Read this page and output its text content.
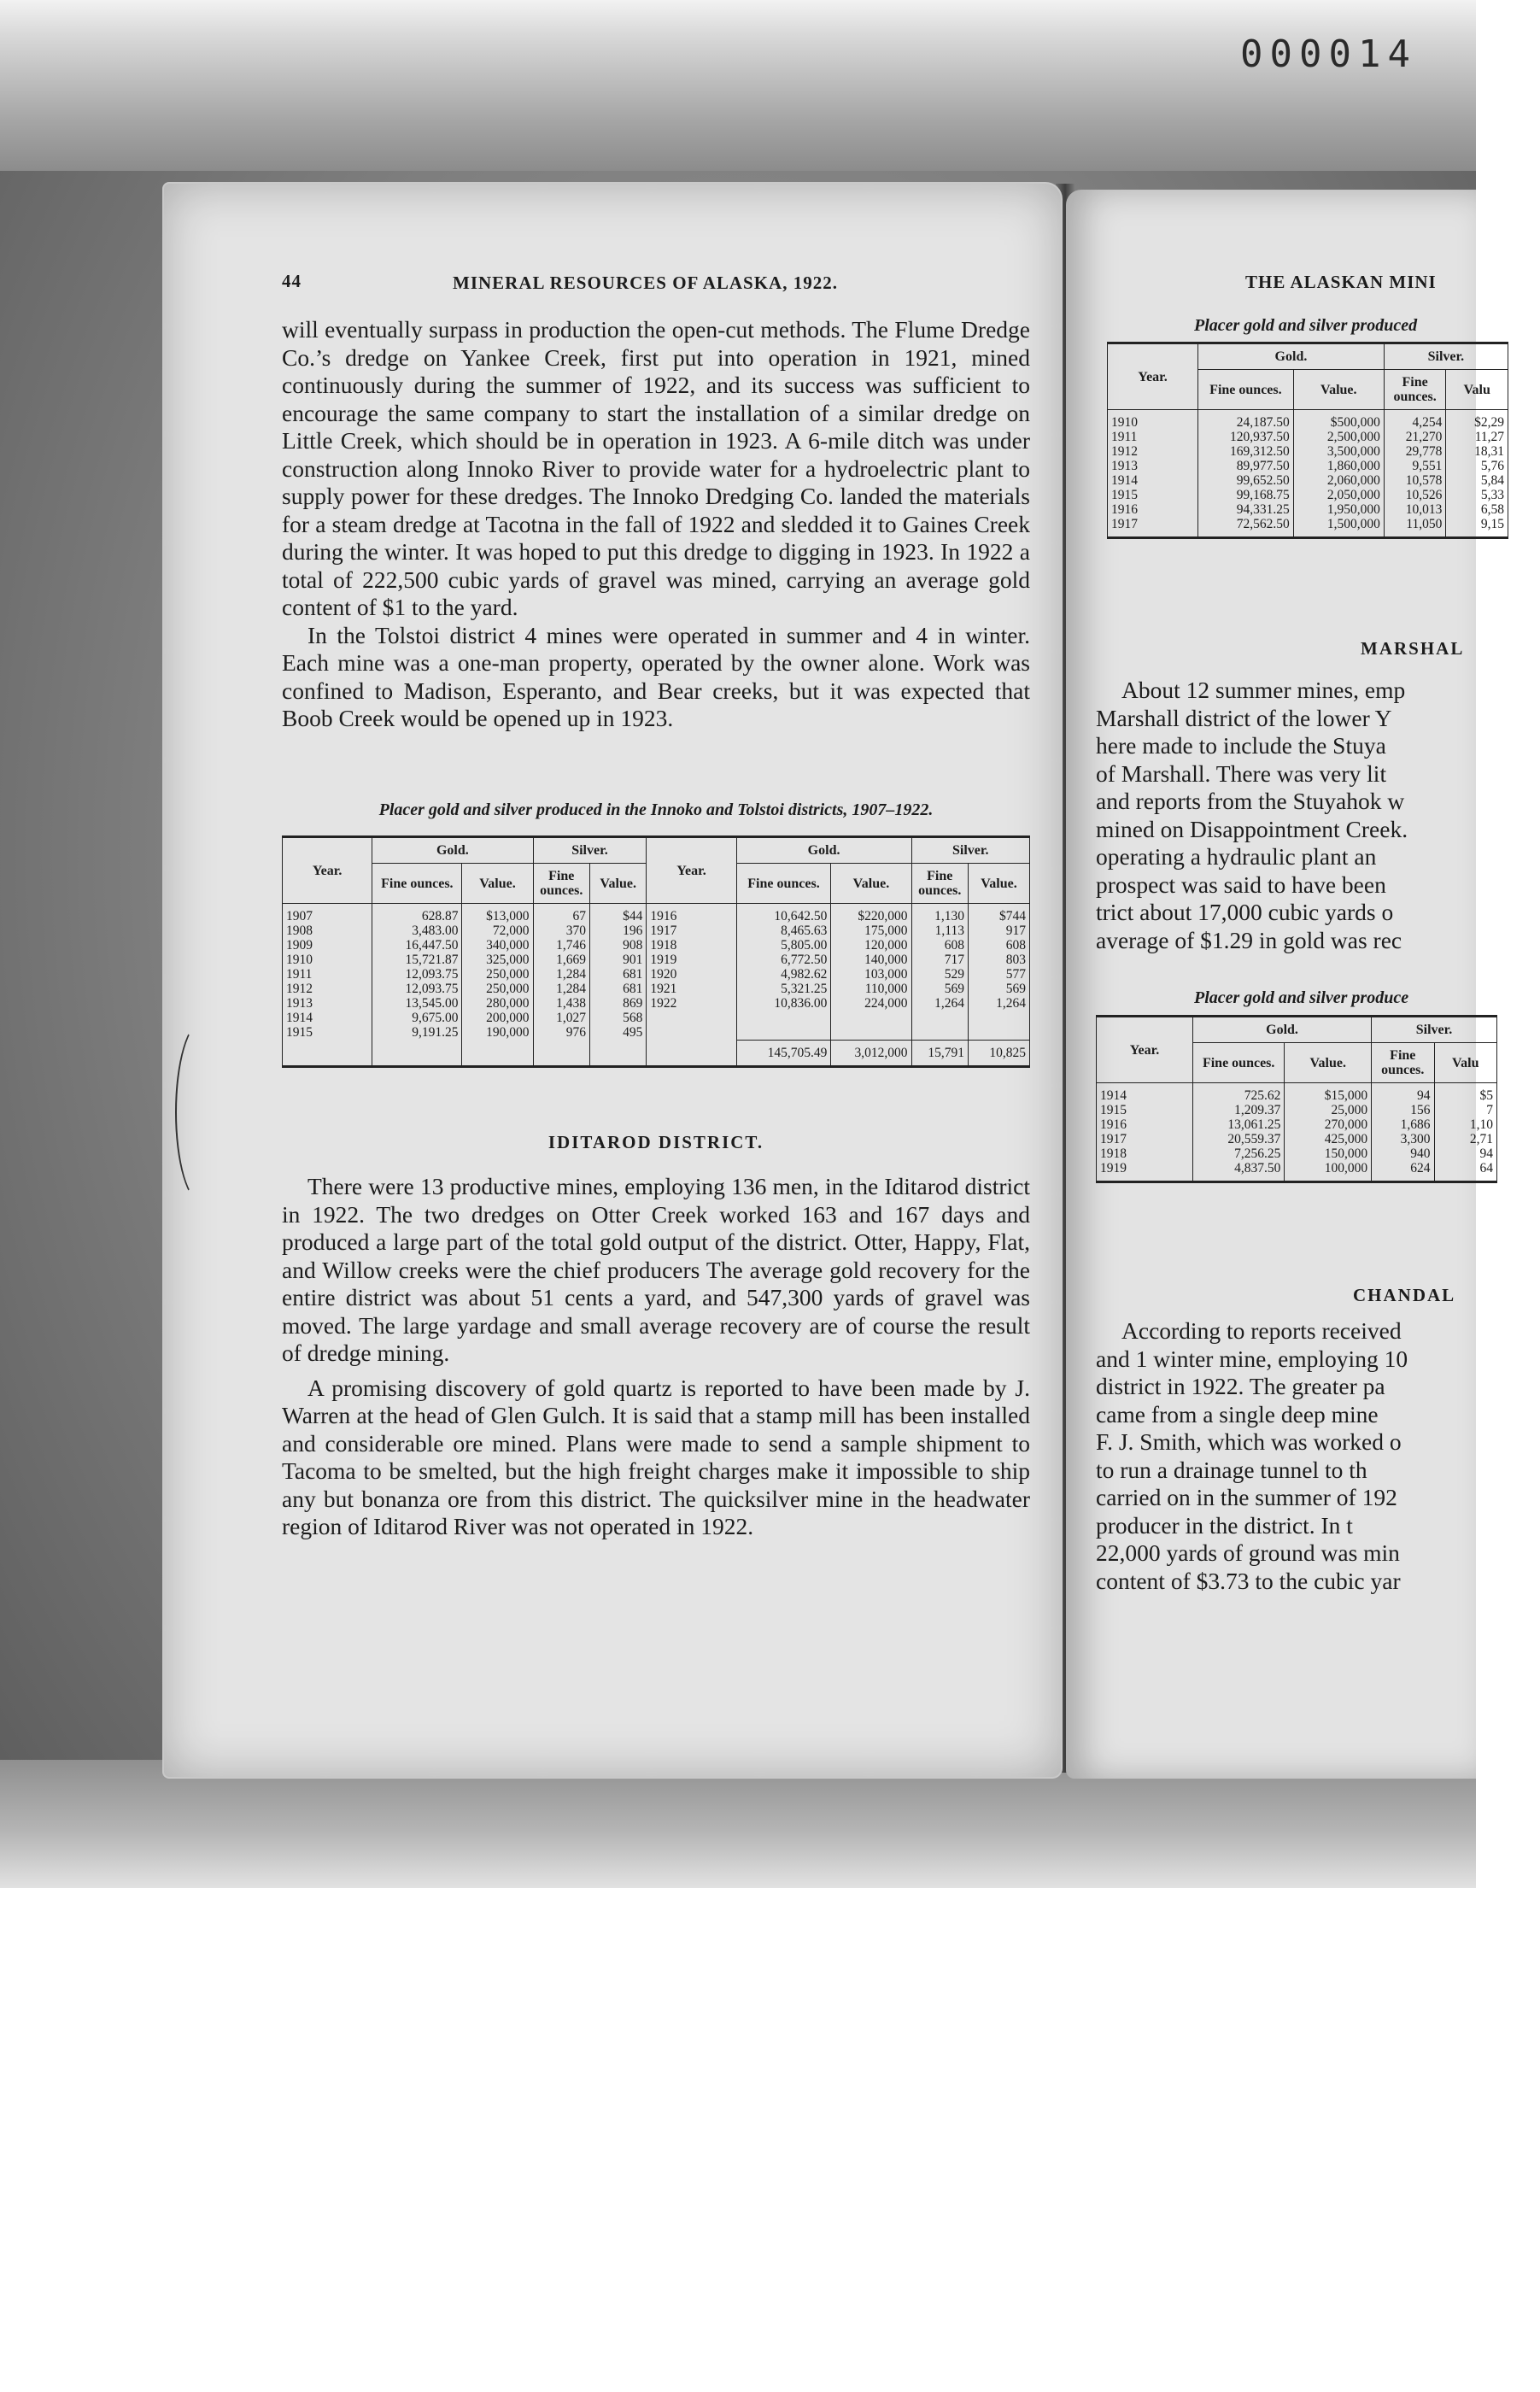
000014
44	MINERAL RESOURCES OF ALASKA, 1922.

will eventually surpass in production the open-cut methods. The Flume Dredge Co.’s dredge on Yankee Creek, first put into operation in 1921, mined continuously during the summer of 1922, and its success was sufficient to encourage the same company to start the installation of a similar dredge on Little Creek, which should be in operation in 1923. A 6-mile ditch was under construction along Innoko River to provide water for a hydroelectric plant to supply power for these dredges. The Innoko Dredging Co. landed the materials for a steam dredge at Tacotna in the fall of 1922 and sledded it to Gaines Creek during the winter. It was hoped to put this dredge to digging in 1923. In 1922 a total of 222,500 cubic yards of gravel was mined, carrying an average gold content of $1 to the yard.

In the Tolstoi district 4 mines were operated in summer and 4 in winter. Each mine was a one-man property, operated by the owner alone. Work was confined to Madison, Esperanto, and Bear creeks, but it was expected that Boob Creek would be opened up in 1923.

Placer gold and silver produced in the Innoko and Tolstoi districts, 1907–1922.
Year.	Gold.		Silver.		Year.	Gold.		Silver.	
	Fine ounces.	Value.	Fine ounces.	Value.		Fine ounces.	Value.	Fine ounces.	Value.
1907	628.87	$13,000	67	$44	1916	10,642.50	$220,000	1,130	$744
1908	3,483.00	72,000	370	196	1917	8,465.63	175,000	1,113	917
1909	16,447.50	340,000	1,746	908	1918	5,805.00	120,000	608	608
1910	15,721.87	325,000	1,669	901	1919	6,772.50	140,000	717	803
1911	12,093.75	250,000	1,284	681	1920	4,982.62	103,000	529	577
1912	12,093.75	250,000	1,284	681	1921	5,321.25	110,000	569	569
1913	13,545.00	280,000	1,438	869	1922	10,836.00	224,000	1,264	1,264
1914	9,675.00	200,000	1,027	568					
1915	9,191.25	190,000	976	495					
						145,705.49	3,012,000	15,791	10,825
IDITAROD DISTRICT.

There were 13 productive mines, employing 136 men, in the Iditarod district in 1922. The two dredges on Otter Creek worked 163 and 167 days and produced a large part of the total gold output of the district. Otter, Happy, Flat, and Willow creeks were the chief producers The average gold recovery for the entire district was about 51 cents a yard, and 547,300 yards of gravel was moved. The large yardage and small average recovery are of course the result of dredge mining.

A promising discovery of gold quartz is reported to have been made by J. Warren at the head of Glen Gulch. It is said that a stamp mill has been installed and considerable ore mined. Plans were made to send a sample shipment to Tacoma to be smelted, but the high freight charges make it impossible to ship any but bonanza ore from this district. The quicksilver mine in the headwater region of Iditarod River was not operated in 1922.

THE ALASKAN MINI
Placer gold and silver produced
Year.	Gold.		Silver.	
	Fine ounces.	Value.	Fine ounces.	Valu
1910	24,187.50	$500,000	4,254	$2,29
1911	120,937.50	2,500,000	21,270	11,27
1912	169,312.50	3,500,000	29,778	18,31
1913	89,977.50	1,860,000	9,551	5,76
1914	99,652.50	2,060,000	10,578	5,84
1915	99,168.75	2,050,000	10,526	5,33
1916	94,331.25	1,950,000	10,013	6,58
1917	72,562.50	1,500,000	11,050	9,15
MARSHAL
About 12 summer mines, emp
Marshall district of the lower Y
here made to include the Stuya
of Marshall. There was very lit
and reports from the Stuyahok w
mined on Disappointment Creek.
operating a hydraulic plant an
prospect was said to have been
trict about 17,000 cubic yards o
average of $1.29 in gold was rec
Placer gold and silver produce
Year.	Gold.		Silver.	
	Fine ounces.	Value.	Fine ounces.	Valu
1914	725.62	$15,000	94	$5
1915	1,209.37	25,000	156	7
1916	13,061.25	270,000	1,686	1,10
1917	20,559.37	425,000	3,300	2,71
1918	7,256.25	150,000	940	94
1919	4,837.50	100,000	624	64
CHANDAL
According to reports received
and 1 winter mine, employing 10
district in 1922. The greater pa
came from a single deep mine
F. J. Smith, which was worked o
to run a drainage tunnel to th
carried on in the summer of 192
producer in the district. In t
22,000 yards of ground was min
content of $3.73 to the cubic yar
